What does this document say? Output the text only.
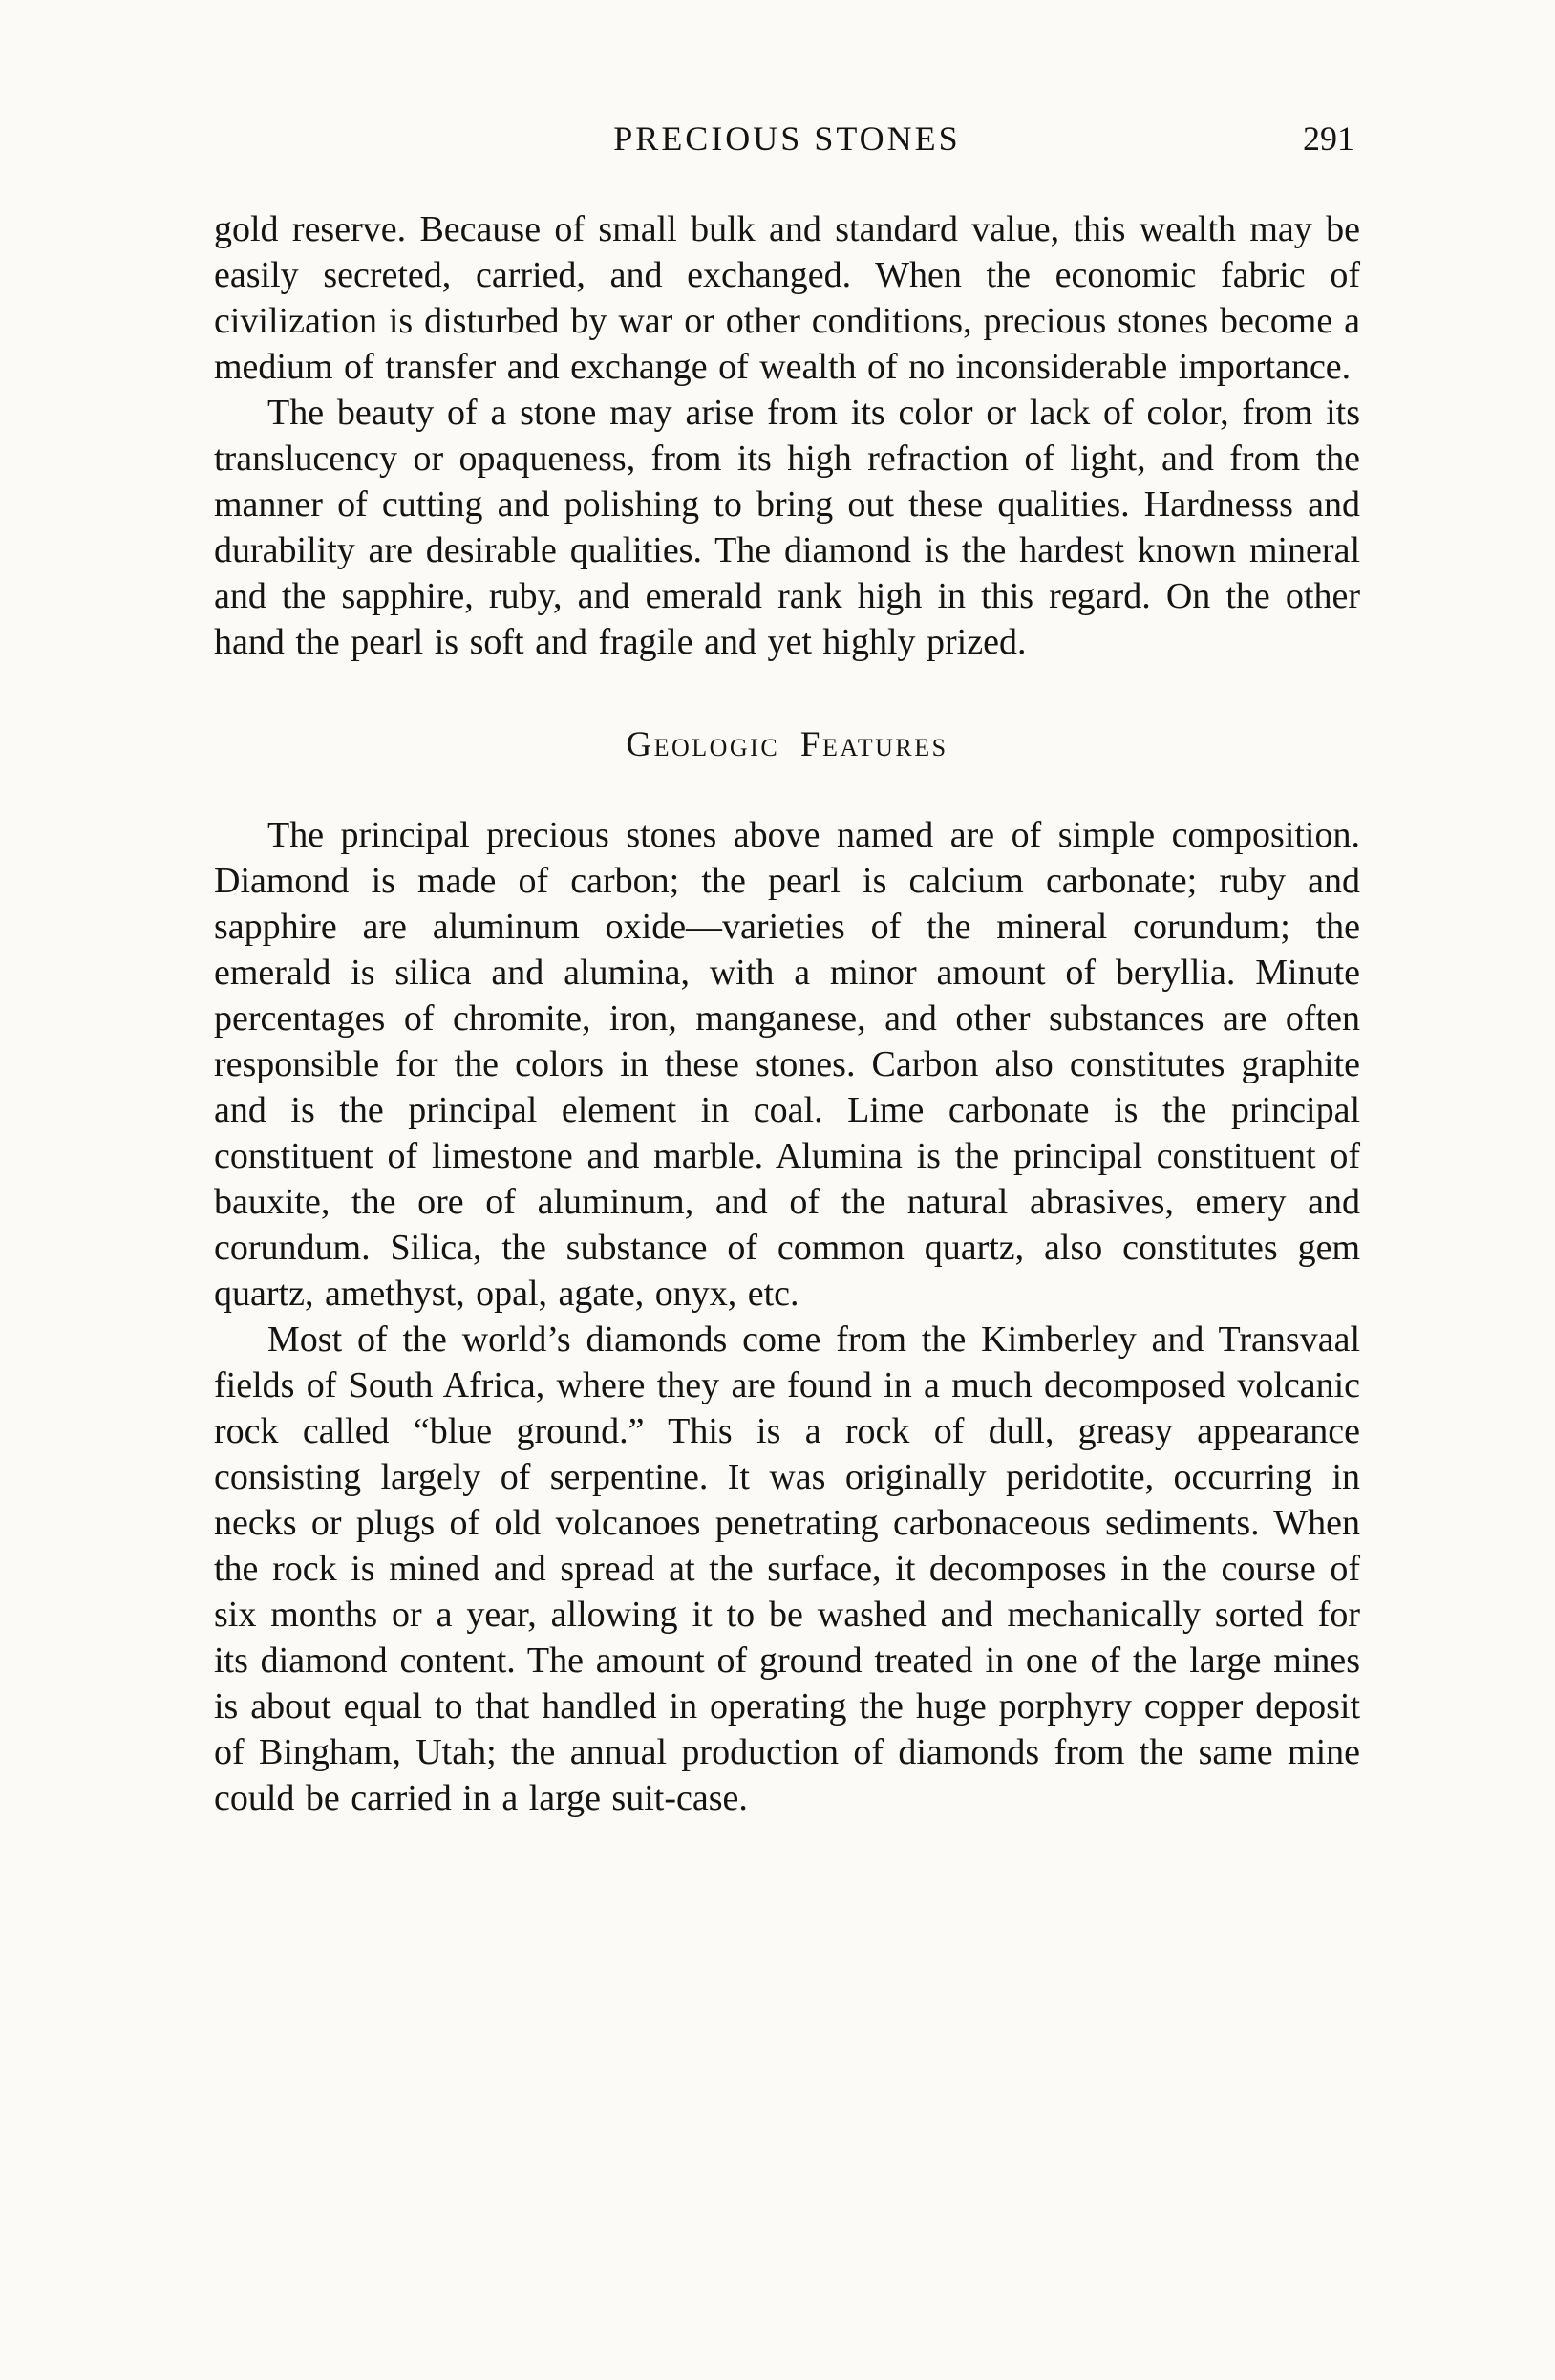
PRECIOUS STONES	291

gold reserve. Because of small bulk and standard value, this wealth may be easily secreted, carried, and exchanged. When the economic fabric of civilization is disturbed by war or other conditions, precious stones become a medium of transfer and exchange of wealth of no inconsiderable importance.

The beauty of a stone may arise from its color or lack of color, from its translucency or opaqueness, from its high refraction of light, and from the manner of cutting and polishing to bring out these qualities. Hardnesss and durability are desirable qualities. The diamond is the hardest known mineral and the sapphire, ruby, and emerald rank high in this regard. On the other hand the pearl is soft and fragile and yet highly prized.

Geologic Features

The principal precious stones above named are of simple composition. Diamond is made of carbon; the pearl is calcium carbonate; ruby and sapphire are aluminum oxide—varieties of the mineral corundum; the emerald is silica and alumina, with a minor amount of beryllia. Minute percentages of chromite, iron, manganese, and other substances are often responsible for the colors in these stones. Carbon also constitutes graphite and is the principal element in coal. Lime carbonate is the principal constituent of limestone and marble. Alumina is the principal constituent of bauxite, the ore of aluminum, and of the natural abrasives, emery and corundum. Silica, the substance of common quartz, also constitutes gem quartz, amethyst, opal, agate, onyx, etc.

Most of the world’s diamonds come from the Kimberley and Transvaal fields of South Africa, where they are found in a much decomposed volcanic rock called “blue ground.” This is a rock of dull, greasy appearance consisting largely of serpentine. It was originally peridotite, occurring in necks or plugs of old volcanoes penetrating carbonaceous sediments. When the rock is mined and spread at the surface, it decomposes in the course of six months or a year, allowing it to be washed and mechanically sorted for its diamond content. The amount of ground treated in one of the large mines is about equal to that handled in operating the huge porphyry copper deposit of Bingham, Utah; the annual production of diamonds from the same mine could be carried in a large suit-case.
